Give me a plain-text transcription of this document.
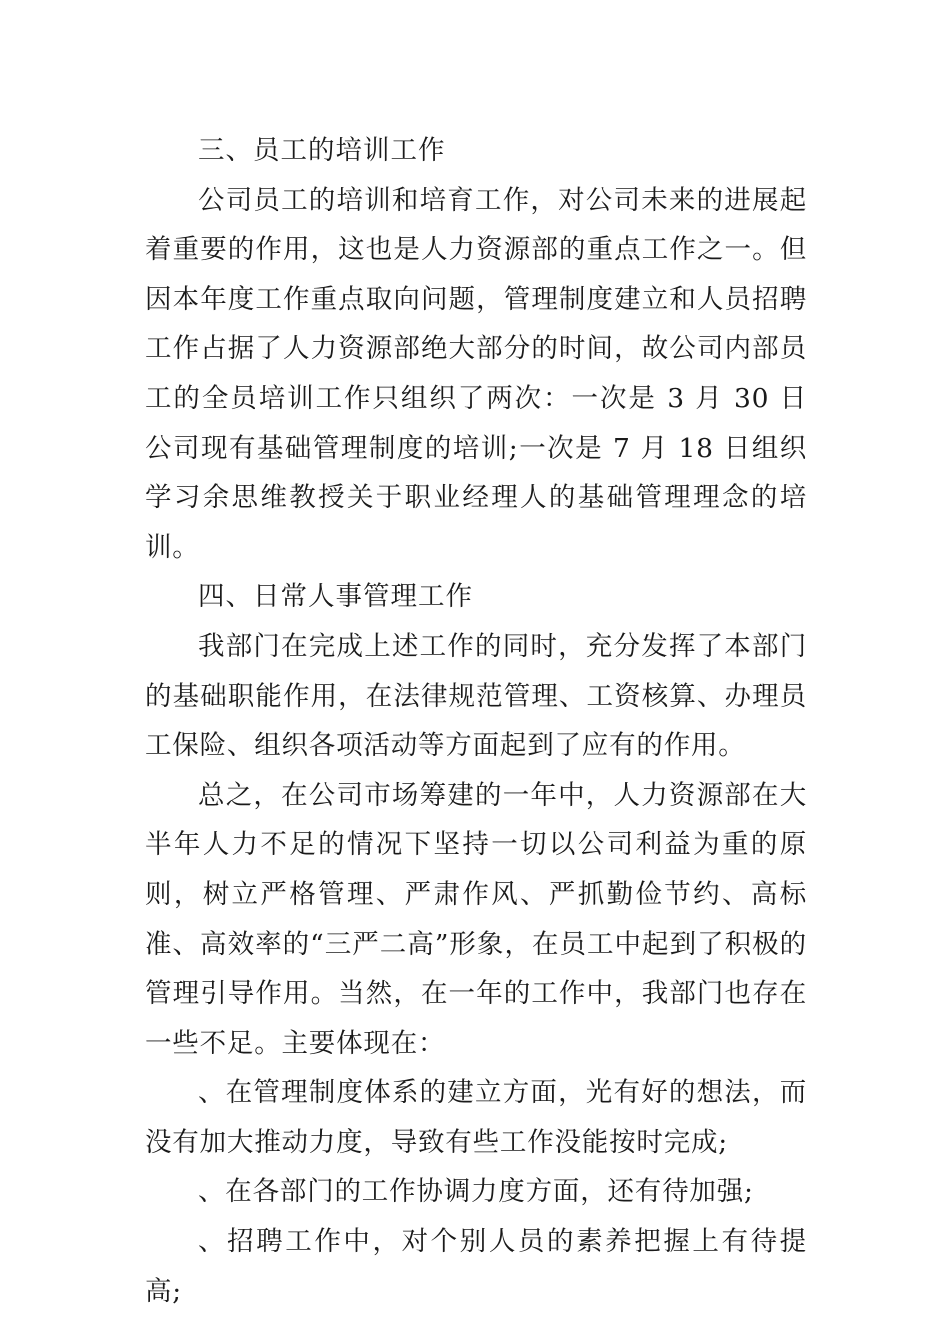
三、员工的培训工作

公司员工的培训和培育工作，对公司未来的进展起着重要的作用，这也是人力资源部的重点工作之一。但因本年度工作重点取向问题，管理制度建立和人员招聘工作占据了人力资源部绝大部分的时间，故公司内部员工的全员培训工作只组织了两次：一次是 3 月 30 日公司现有基础管理制度的培训;一次是 7 月 18 日组织学习余思维教授关于职业经理人的基础管理理念的培训。

四、日常人事管理工作

我部门在完成上述工作的同时，充分发挥了本部门的基础职能作用，在法律规范管理、工资核算、办理员工保险、组织各项活动等方面起到了应有的作用。

总之，在公司市场筹建的一年中，人力资源部在大半年人力不足的情况下坚持一切以公司利益为重的原则，树立严格管理、严肃作风、严抓勤俭节约、高标准、高效率的“三严二高”形象，在员工中起到了积极的管理引导作用。当然，在一年的工作中，我部门也存在一些不足。主要体现在：

、在管理制度体系的建立方面，光有好的想法，而没有加大推动力度，导致有些工作没能按时完成;

、在各部门的工作协调力度方面，还有待加强;

、招聘工作中，对个别人员的素养把握上有待提高;
